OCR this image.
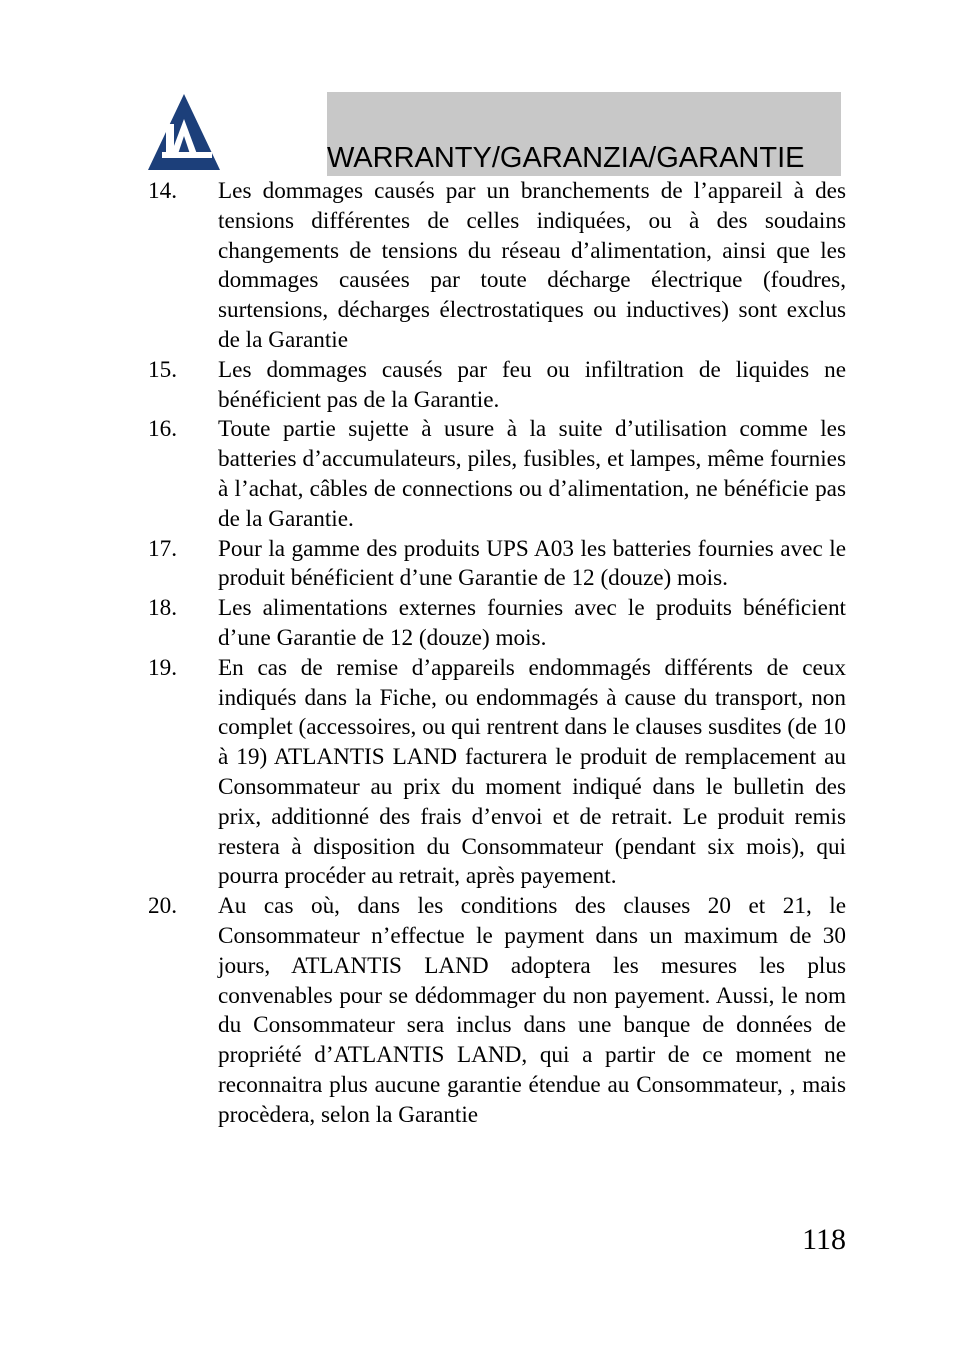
WARRANTY/GARANZIA/GARANTIE
14. Les dommages causés par un branchements de l’appareil à des tensions différentes de celles indiquées, ou à des soudains changements de tensions du réseau d’alimentation, ainsi que les dommages causées par toute décharge électrique (foudres, surtensions, décharges électrostatiques ou inductives) sont exclus de la Garantie
15. Les dommages causés par feu ou infiltration de liquides ne bénéficient pas de la Garantie.
16. Toute partie sujette à usure à la suite d’utilisation comme les batteries d’accumulateurs, piles, fusibles, et lampes, même fournies à l’achat, câbles de connections ou d’alimentation, ne bénéficie pas de la Garantie.
17. Pour la gamme des produits UPS A03 les batteries fournies avec le produit bénéficient d’une Garantie de 12 (douze) mois.
18. Les alimentations externes fournies avec le produits bénéficient d’une Garantie de 12 (douze) mois.
19. En cas de remise d’appareils endommagés différents de ceux indiqués dans la Fiche, ou endommagés à cause du transport, non complet (accessoires, ou qui rentrent dans le clauses susdites (de 10 à 19) ATLANTIS LAND facturera le produit de remplacement au Consommateur au prix du moment indiqué dans le bulletin des prix, additionné des frais d’envoi et de retrait. Le produit remis restera à disposition du Consommateur (pendant six mois), qui pourra procéder au retrait, après payement.
20. Au cas où, dans les conditions des clauses 20 et 21, le Consommateur n’effectue le payment dans un maximum de 30 jours, ATLANTIS LAND adoptera les mesures les plus convenables pour se dédommager du non payement. Aussi, le nom du Consommateur sera inclus dans une banque de données de propriété d’ATLANTIS LAND, qui a partir de ce moment ne reconnaitra plus aucune garantie étendue au Consommateur, , mais procèdera, selon la Garantie
118
